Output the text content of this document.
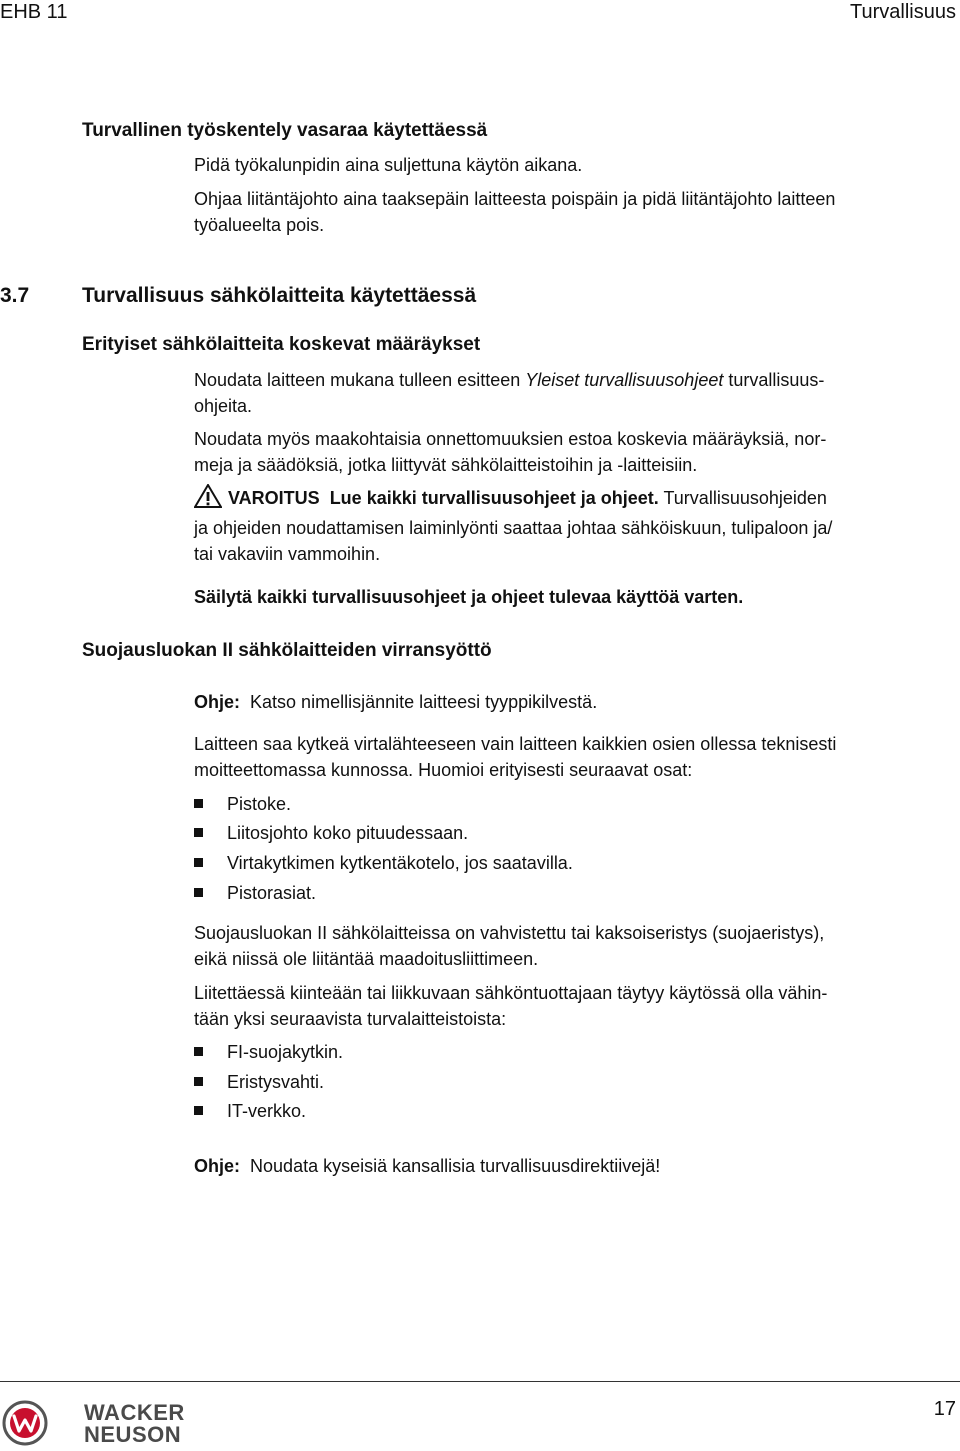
EHB 11	Turvallisuus
Turvallinen työskentely vasaraa käytettäessä
Pidä työkalunpidin aina suljettuna käytön aikana.
Ohjaa liitäntäjohto aina taaksepäin laitteesta poispäin ja pidä liitäntäjohto laitteen
työalueelta pois.
3.7	Turvallisuus sähkölaitteita käytettäessä
Erityiset sähkölaitteita koskevat määräykset
Noudata laitteen mukana tulleen esitteen Yleiset turvallisuusohjeet turvallisuus-
ohjeita.
Noudata myös maakohtaisia onnettomuuksien estoa koskevia määräyksiä, nor-
meja ja säädöksiä, jotka liittyvät sähkölaitteistoihin ja -laitteisiin.
VAROITUS Lue kaikki turvallisuusohjeet ja ohjeet. Turvallisuusohjeiden
ja ohjeiden noudattamisen laiminlyönti saattaa johtaa sähköiskuun, tulipaloon ja/
tai vakaviin vammoihin.
Säilytä kaikki turvallisuusohjeet ja ohjeet tulevaa käyttöä varten.
Suojausluokan II sähkölaitteiden virransyöttö
Ohje: Katso nimellisjännite laitteesi tyyppikilvestä.
Laitteen saa kytkeä virtalähteeseen vain laitteen kaikkien osien ollessa teknisesti
moitteettomassa kunnossa. Huomioi erityisesti seuraavat osat:
Pistoke.
Liitosjohto koko pituudessaan.
Virtakytkimen kytkentäkotelo, jos saatavilla.
Pistorasiat.
Suojausluokan II sähkölaitteissa on vahvistettu tai kaksoiseristys (suojaeristys),
eikä niissä ole liitäntää maadoitusliittimeen.
Liitettäessä kiinteään tai liikkuvaan sähköntuottajaan täytyy käytössä olla vähin-
tään yksi seuraavista turvalaitteistoista:
FI-suojakytkin.
Eristysvahti.
IT-verkko.
Ohje: Noudata kyseisiä kansallisia turvallisuusdirektiivejä!
WACKER
NEUSON
17
